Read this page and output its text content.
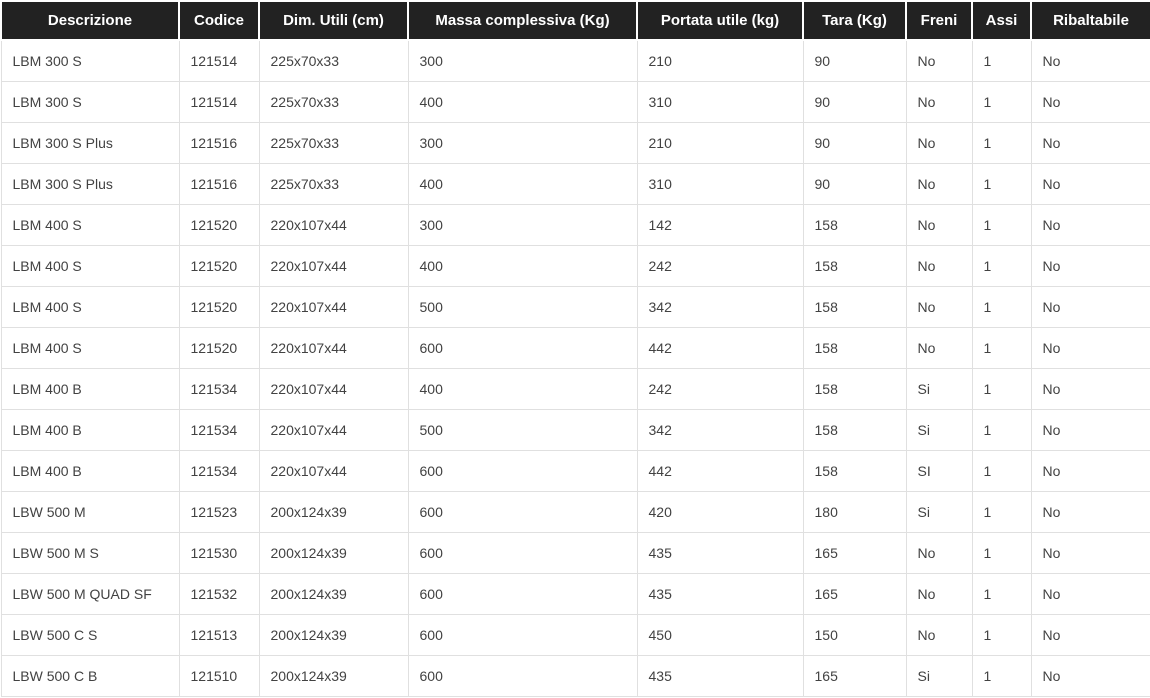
Descrizione	Codice	Dim. Utili (cm)	Massa complessiva (Kg)	Portata utile (kg)	Tara (Kg)	Freni	Assi	Ribaltabile
LBM 300 S	121514	225x70x33	300	210	90	No	1	No
LBM 300 S	121514	225x70x33	400	310	90	No	1	No
LBM 300 S Plus	121516	225x70x33	300	210	90	No	1	No
LBM 300 S Plus	121516	225x70x33	400	310	90	No	1	No
LBM 400 S	121520	220x107x44	300	142	158	No	1	No
LBM 400 S	121520	220x107x44	400	242	158	No	1	No
LBM 400 S	121520	220x107x44	500	342	158	No	1	No
LBM 400 S	121520	220x107x44	600	442	158	No	1	No
LBM 400 B	121534	220x107x44	400	242	158	Si	1	No
LBM 400 B	121534	220x107x44	500	342	158	Si	1	No
LBM 400 B	121534	220x107x44	600	442	158	SI	1	No
LBW 500 M	121523	200x124x39	600	420	180	Si	1	No
LBW 500 M S	121530	200x124x39	600	435	165	No	1	No
LBW 500 M QUAD SF	121532	200x124x39	600	435	165	No	1	No
LBW 500 C S	121513	200x124x39	600	450	150	No	1	No
LBW 500 C B	121510	200x124x39	600	435	165	Si	1	No
